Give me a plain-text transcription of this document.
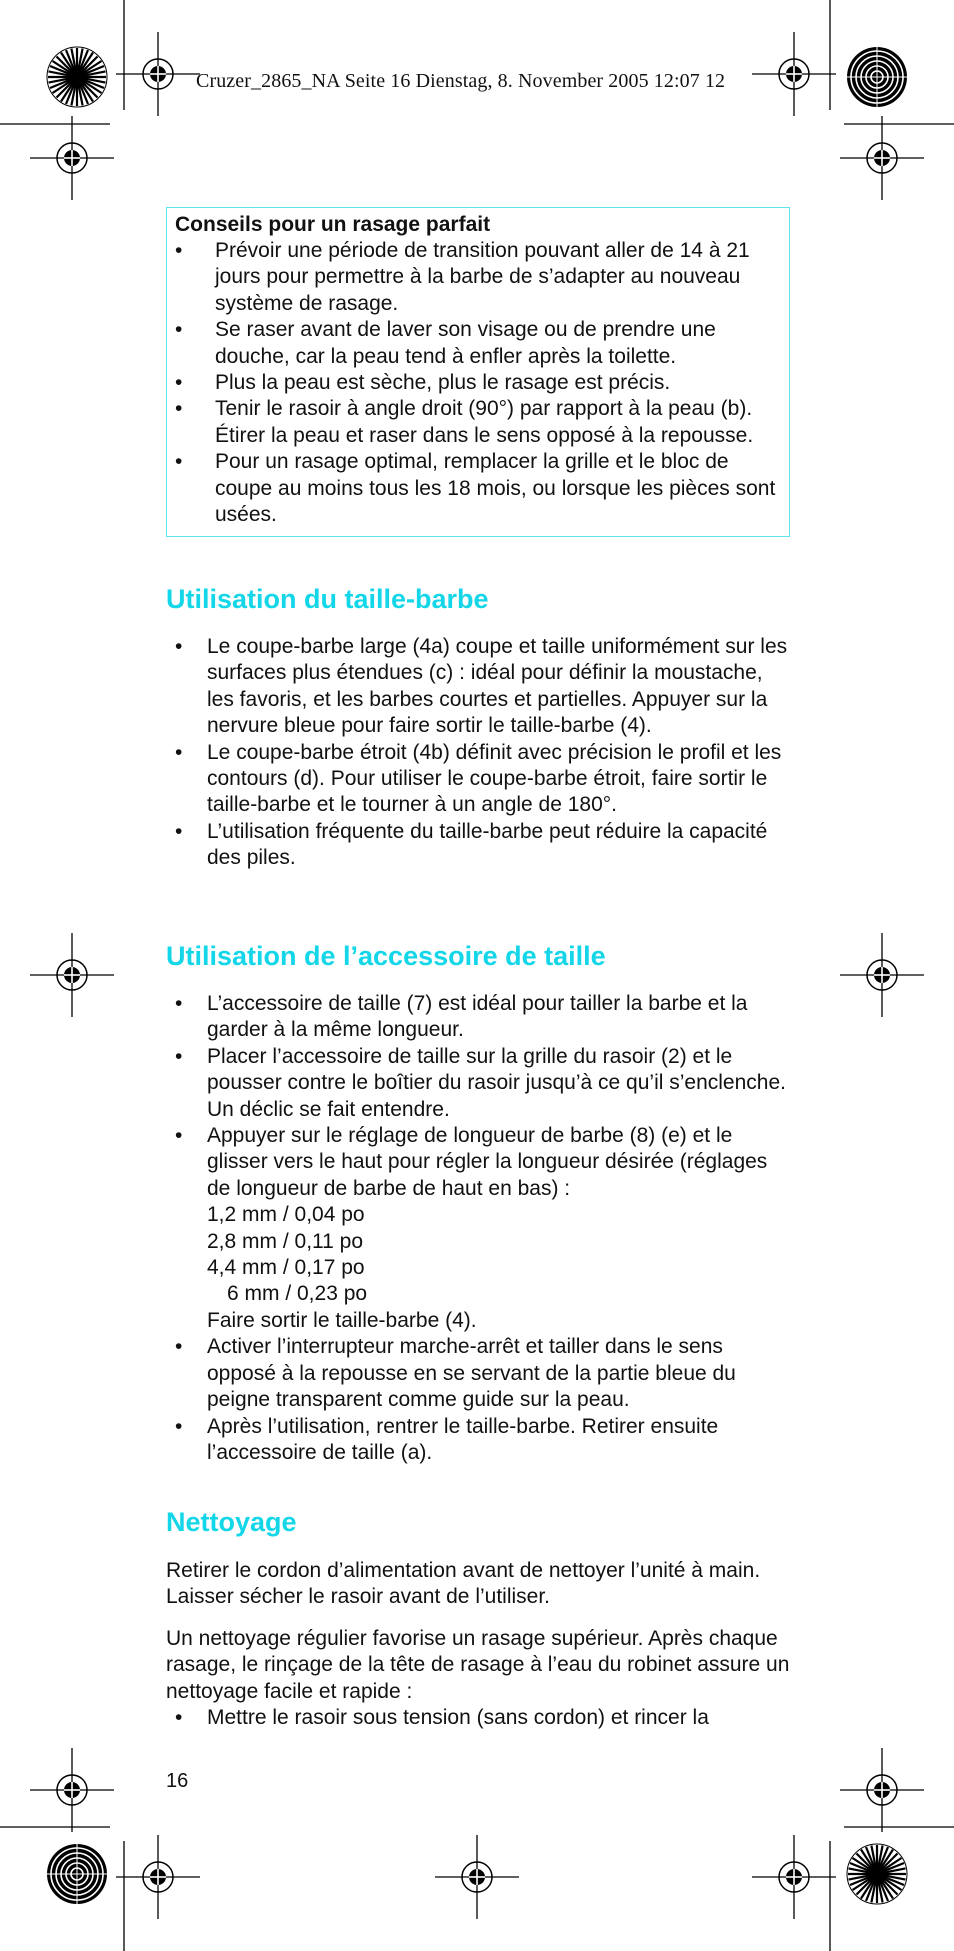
Cruzer_2865_NA Seite 16 Dienstag, 8. November 2005 12:07 12
Conseils pour un rasage parfait
• Prévoir une période de transition pouvant aller de 14 à 21 jours pour permettre à la barbe de s’adapter au nouveau système de rasage.
• Se raser avant de laver son visage ou de prendre une douche, car la peau tend à enfler après la toilette.
• Plus la peau est sèche, plus le rasage est précis.
• Tenir le rasoir à angle droit (90°) par rapport à la peau (b). Étirer la peau et raser dans le sens opposé à la repousse.
• Pour un rasage optimal, remplacer la grille et le bloc de coupe au moins tous les 18 mois, ou lorsque les pièces sont usées.
Utilisation du taille-barbe
• Le coupe-barbe large (4a) coupe et taille uniformément sur les surfaces plus étendues (c) : idéal pour définir la moustache, les favoris, et les barbes courtes et partielles. Appuyer sur la nervure bleue pour faire sortir le taille-barbe (4).
• Le coupe-barbe étroit (4b) définit avec précision le profil et les contours (d). Pour utiliser le coupe-barbe étroit, faire sortir le taille-barbe et le tourner à un angle de 180°.
• L’utilisation fréquente du taille-barbe peut réduire la capacité des piles.
Utilisation de l’accessoire de taille
• L’accessoire de taille (7) est idéal pour tailler la barbe et la garder à la même longueur.
• Placer l’accessoire de taille sur la grille du rasoir (2) et le pousser contre le boîtier du rasoir jusqu’à ce qu’il s’enclenche. Un déclic se fait entendre.
• Appuyer sur le réglage de longueur de barbe (8) (e) et le glisser vers le haut pour régler la longueur désirée (réglages de longueur de barbe de haut en bas) :
1,2 mm / 0,04 po
2,8 mm / 0,11 po
4,4 mm / 0,17 po
6 mm / 0,23 po
Faire sortir le taille-barbe (4).
• Activer l’interrupteur marche-arrêt et tailler dans le sens opposé à la repousse en se servant de la partie bleue du peigne transparent comme guide sur la peau.
• Après l’utilisation, rentrer le taille-barbe. Retirer ensuite l’accessoire de taille (a).
Nettoyage

Retirer le cordon d’alimentation avant de nettoyer l’unité à main. Laisser sécher le rasoir avant de l’utiliser.

Un nettoyage régulier favorise un rasage supérieur. Après chaque rasage, le rinçage de la tête de rasage à l’eau du robinet assure un nettoyage facile et rapide :

• Mettre le rasoir sous tension (sans cordon) et rincer la
16
